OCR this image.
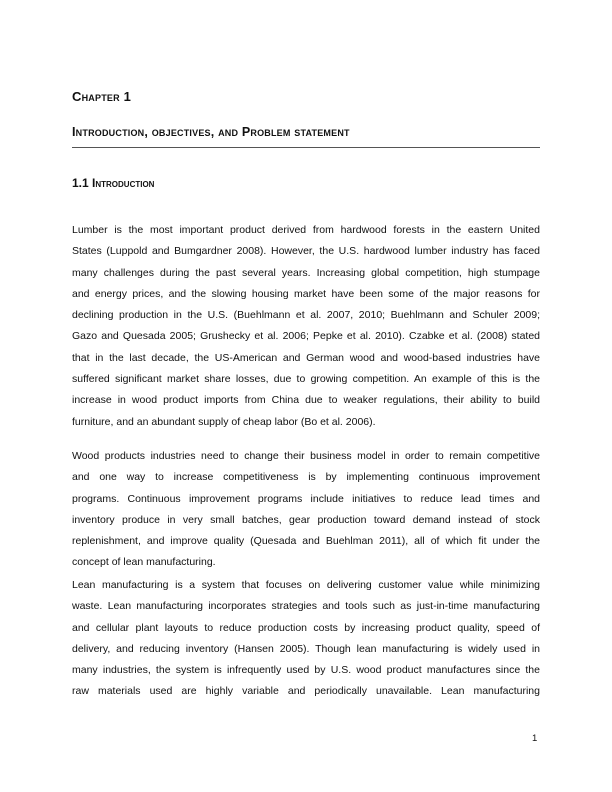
Chapter 1
Introduction, objectives, and Problem statement
1.1 Introduction
Lumber is the most important product derived from hardwood forests in the eastern United
States (Luppold and Bumgardner 2008). However, the U.S. hardwood lumber industry has faced
many challenges during the past several years. Increasing global competition, high stumpage
and energy prices, and the slowing housing market have been some of the major reasons for
declining production in the U.S. (Buehlmann et al. 2007, 2010; Buehlmann and Schuler 2009;
Gazo and Quesada 2005; Grushecky et al. 2006; Pepke et al. 2010). Czabke et al. (2008) stated
that in the last decade, the US-American and German wood and wood-based industries have
suffered significant market share losses, due to growing competition. An example of this is the
increase in wood product imports from China due to weaker regulations, their ability to build
furniture, and an abundant supply of cheap labor (Bo et al. 2006).
Wood products industries need to change their business model in order to remain competitive
and one way to increase competitiveness is by implementing continuous improvement
programs. Continuous improvement programs include initiatives to reduce lead times and
inventory produce in very small batches, gear production toward demand instead of stock
replenishment, and improve quality (Quesada and Buehlman 2011), all of which fit under the
concept of lean manufacturing.
Lean manufacturing is a system that focuses on delivering customer value while minimizing
waste. Lean manufacturing incorporates strategies and tools such as just-in-time manufacturing
and cellular plant layouts to reduce production costs by increasing product quality, speed of
delivery, and reducing inventory (Hansen 2005). Though lean manufacturing is widely used in
many industries, the system is infrequently used by U.S. wood product manufactures since the
raw materials used are highly variable and periodically unavailable. Lean manufacturing
1
